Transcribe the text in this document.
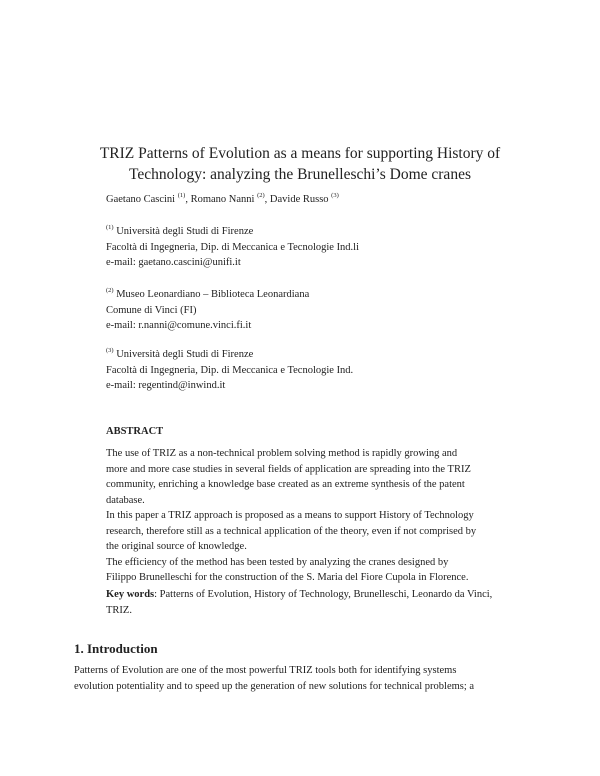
TRIZ Patterns of Evolution as a means for supporting History of
Technology: analyzing the Brunelleschi’s Dome cranes
Gaetano Cascini $^{(1)}$, Romano Nanni $^{(2)}$, Davide Russo $^{(3)}$
$^{(1)}$ Università degli Studi di Firenze
Facoltà di Ingegneria, Dip. di Meccanica e Tecnologie Ind.li
e-mail: gaetano.cascini@unifi.it
$^{(2)}$ Museo Leonardiano – Biblioteca Leonardiana
Comune di Vinci (FI)
e-mail: r.nanni@comune.vinci.fi.it
$^{(3)}$ Università degli Studi di Firenze
Facoltà di Ingegneria, Dip. di Meccanica e Tecnologie Ind.
e-mail: regentind@inwind.it
ABSTRACT
The use of TRIZ as a non-technical problem solving method is rapidly growing and
more and more case studies in several fields of application are spreading into the TRIZ
community, enriching a knowledge base created as an extreme synthesis of the patent
database.
In this paper a TRIZ approach is proposed as a means to support History of Technology
research, therefore still as a technical application of the theory, even if not comprised by
the original source of knowledge.
The efficiency of the method has been tested by analyzing the cranes designed by
Filippo Brunelleschi for the construction of the S. Maria del Fiore Cupola in Florence.
Key words: Patterns of Evolution, History of Technology, Brunelleschi, Leonardo da Vinci, TRIZ.
1. Introduction
Patterns of Evolution are one of the most powerful TRIZ tools both for identifying systems
evolution potentiality and to speed up the generation of new solutions for technical problems; a
